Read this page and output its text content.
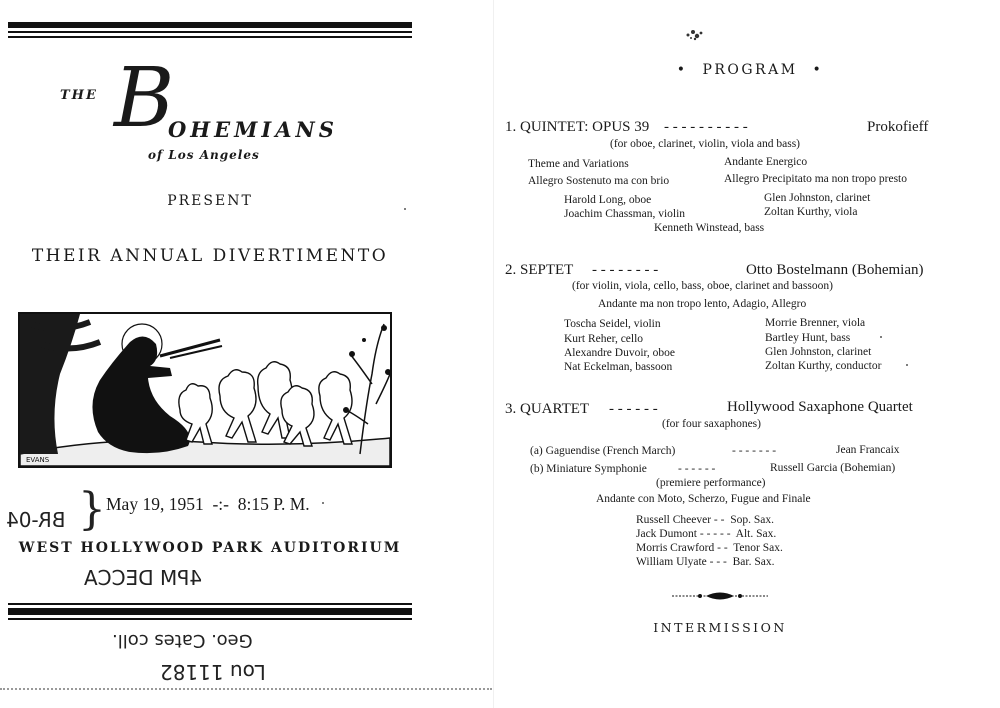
THE B
OHEMIANS
of Los Angeles
PRESENT
THEIR ANNUAL DIVERTIMENTO
EVANS
May 19, 1951  -:-  8:15 P. M.
WEST HOLLYWOOD PARK AUDITORIUM
BR-04 }
4PM DECCA
Geo. Cates coll.
Lou 11182
• PROGRAM •
1. QUINTET: OPUS 39 - - - - - - - - - -	Prokofieff
(for oboe, clarinet, violin, viola and bass)
Theme and Variations	Andante Energico
Allegro Sostenuto ma con brio	Allegro Precipitato ma non tropo presto
Harold Long, oboe	Glen Johnston, clarinet
Joachim Chassman, violin	Zoltan Kurthy, viola
Kenneth Winstead, bass
2. SEPTET - - - - - - - -	Otto Bostelmann (Bohemian)
(for violin, viola, cello, bass, oboe, clarinet and bassoon)
Andante ma non tropo lento, Adagio, Allegro
Toscha Seidel, violin	Morrie Brenner, viola
Kurt Reher, cello	Bartley Hunt, bass
Alexandre Duvoir, oboe	Glen Johnston, clarinet
Nat Eckelman, bassoon	Zoltan Kurthy, conductor
3. QUARTET - - - - - -	Hollywood Saxaphone Quartet
(for four saxaphones)
(a) Gaguendise (French March)	- - - - - - -	Jean Francaix
(b) Miniature Symphonie	- - - - - -	Russell Garcia (Bohemian)
(premiere performance)
Andante con Moto, Scherzo, Fugue and Finale
Russell Cheever - -  Sop. Sax.
Jack Dumont - - - - -  Alt. Sax.
Morris Crawford - -  Tenor Sax.
William Ulyate - - -  Bar. Sax.
INTERMISSION
